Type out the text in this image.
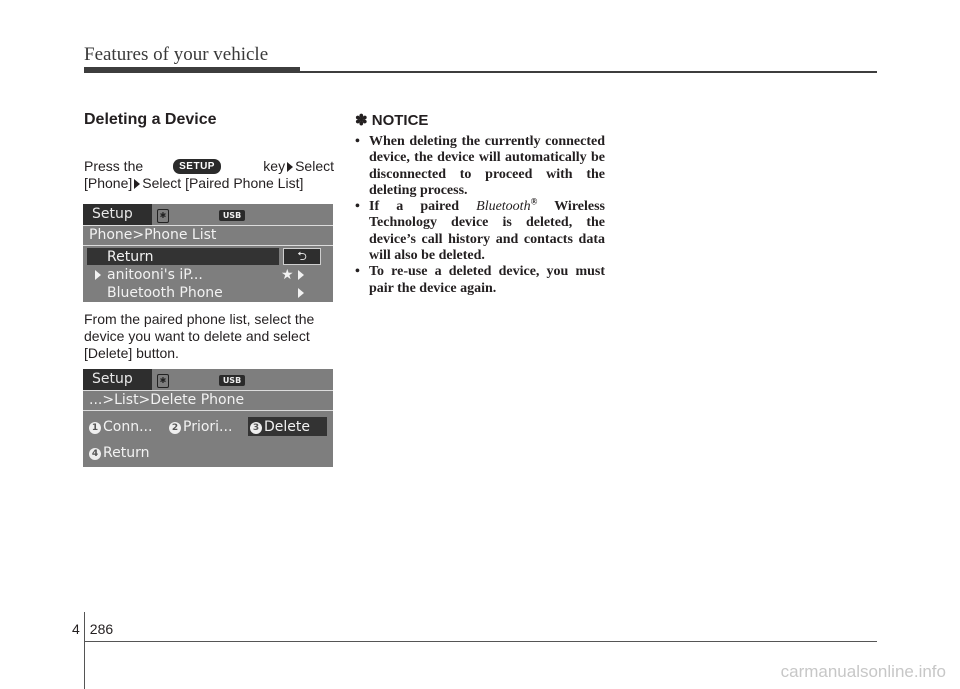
Features of your vehicle
Deleting a Device
Press the	SETUP	key Select
[Phone] Select [Paired Phone List]
Setup	✱	USB
Phone>Phone List
Return	⮌
anitooni's iP...	★
Bluetooth Phone
From the paired phone list, select the device you want to delete and select [Delete] button.
Setup	✱	USB
...>List>Delete Phone
1 Conn...	2 Priori...	3 Delete
4 Return
✽ NOTICE
• When deleting the currently connected device, the device will automatically be disconnected to proceed with the deleting process.
• If a paired Bluetooth® Wireless Technology device is deleted, the device’s call history and contacts data will also be deleted.
• To re-use a deleted device, you must pair the device again.
4 286
carmanualsonline.info
